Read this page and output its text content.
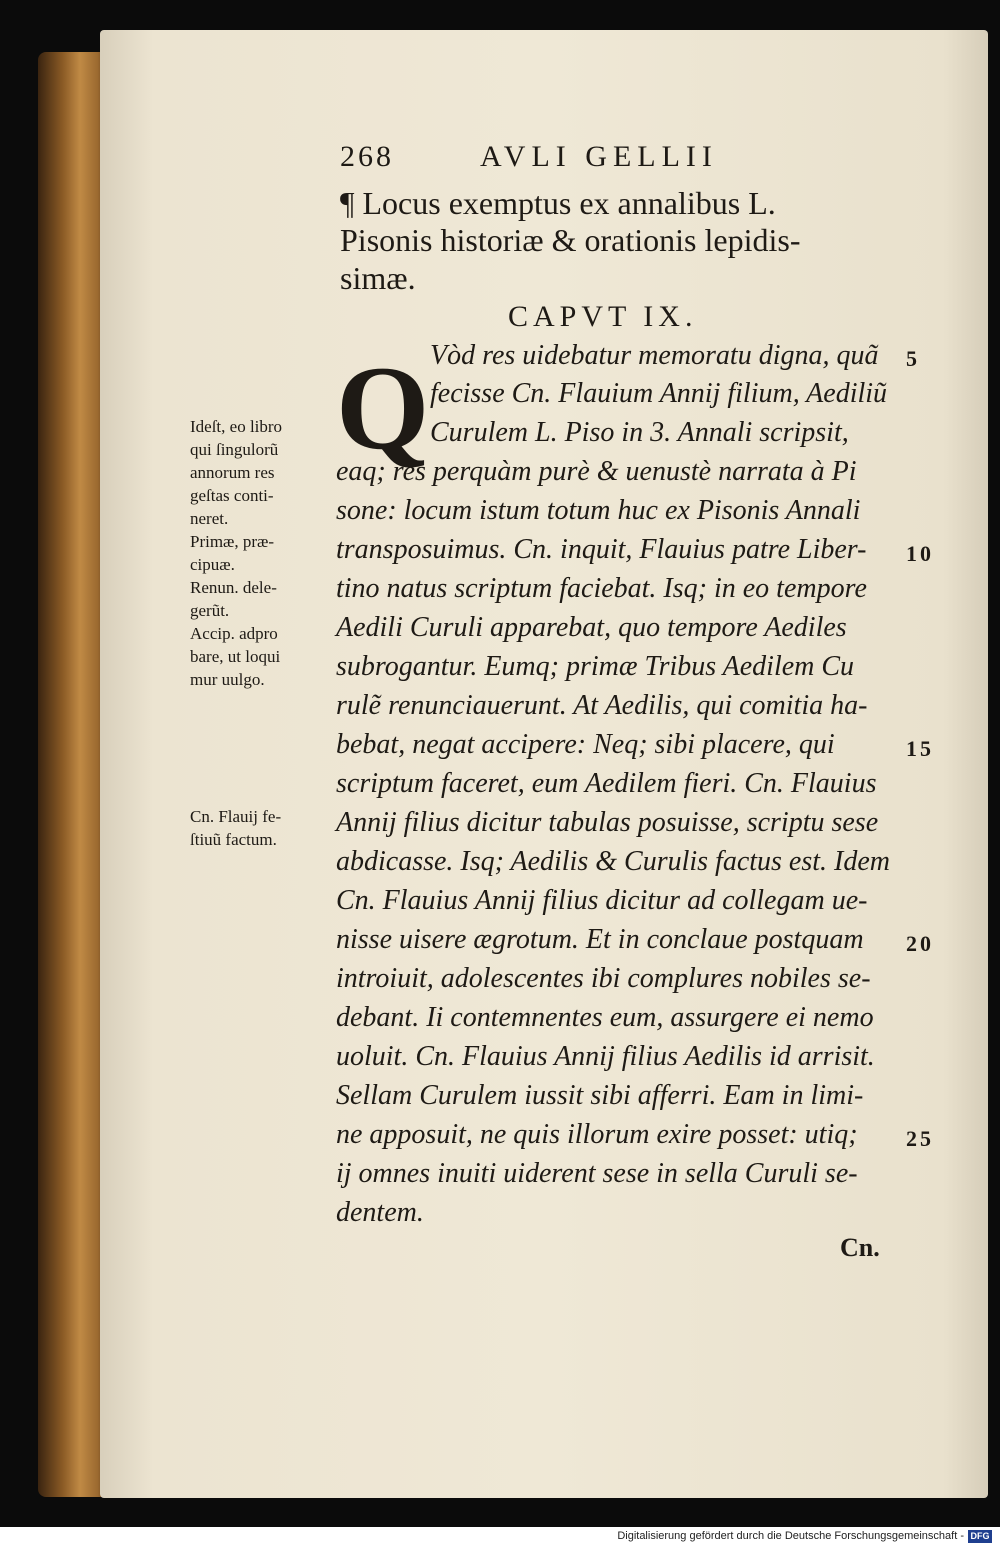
268	AVLI GELLII
¶ Locus exemptus ex annalibus L.
Pisonis historiæ & orationis lepidis-
simæ.
CAPVT IX.
Q Vòd res uidebatur memoratu digna, quã
fecisse Cn. Flauium Annij filium, Aediliũ
Curulem L. Piso in 3. Annali scripsit,
eaq; res perquàm purè & uenustè narrata à Pi
sone: locum istum totum huc ex Pisonis Annali
transposuimus. Cn. inquit, Flauius patre Liber-
tino natus scriptum faciebat. Isq; in eo tempore
Aedili Curuli apparebat, quo tempore Aediles
subrogantur. Eumq; primæ Tribus Aedilem Cu
rulẽ renunciauerunt. At Aedilis, qui comitia ha-
bebat, negat accipere: Neq; sibi placere, qui
scriptum faceret, eum Aedilem fieri. Cn. Flauius
Annij filius dicitur tabulas posuisse, scriptu sese
abdicasse. Isq; Aedilis & Curulis factus est. Idem
Cn. Flauius Annij filius dicitur ad collegam ue-
nisse uisere ægrotum. Et in conclaue postquam
introiuit, adolescentes ibi complures nobiles se-
debant. Ii contemnentes eum, assurgere ei nemo
uoluit. Cn. Flauius Annij filius Aedilis id arrisit.
Sellam Curulem iussit sibi afferri. Eam in limi-
ne apposuit, ne quis illorum exire posset: utiq;
ij omnes inuiti uiderent sese in sella Curuli se-
dentem.
5
10
15
20
25
Ideſt, eo libro
qui ſingulorũ
annorum res
geſtas conti-
neret.
Primæ, præ-
cipuæ.
Renun. dele-
gerũt.
Accip. adpro
bare, ut loqui
mur uulgo.
Cn. Flauij fe-
ſtiuũ factum.
Cn.
Digitalisierung gefördert durch die Deutsche Forschungsgemeinschaft - DFG
